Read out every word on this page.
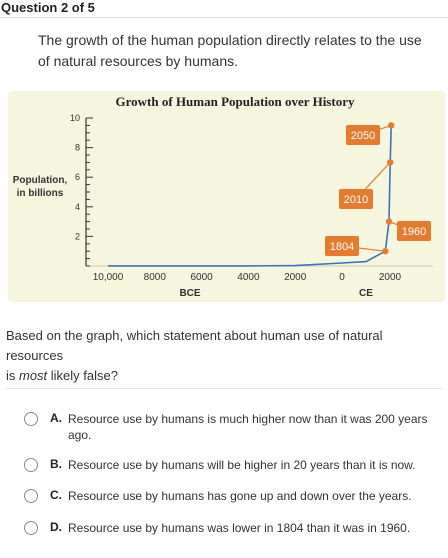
Question 2 of 5
The growth of the human population directly relates to the use of natural resources by humans.
Growth of Human Population over History
Population,
in billions
BCE	CE
10
8
6
4
2
10,000 8000 6000 4000 2000	0	2000
1804
1960
2010
2050
Based on the graph, which statement about human use of natural resources
is most likely false?
A. Resource use by humans is much higher now than it was 200 years ago.
B. Resource use by humans will be higher in 20 years than it is now.
C. Resource use by humans has gone up and down over the years.
D. Resource use by humans was lower in 1804 than it was in 1960.
